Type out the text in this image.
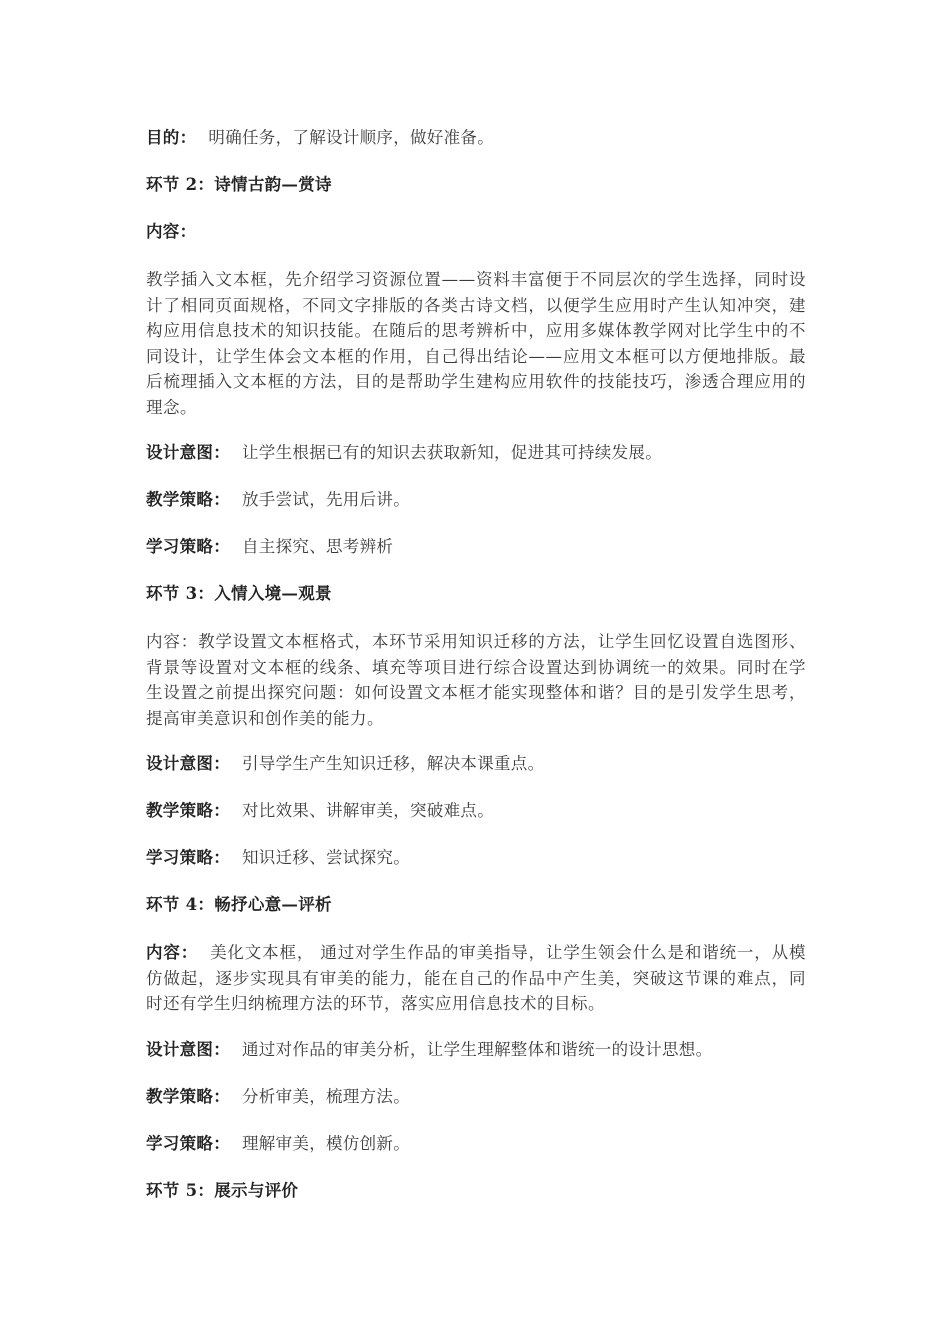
目的： 明确任务，了解设计顺序，做好准备。

环节 2：诗情古韵—赏诗

内容：

教学插入文本框，先介绍学习资源位置——资料丰富便于不同层次的学生选择，同时设计了相同页面规格，不同文字排版的各类古诗文档，以便学生应用时产生认知冲突，建构应用信息技术的知识技能。在随后的思考辨析中，应用多媒体教学网对比学生中的不同设计，让学生体会文本框的作用，自己得出结论——应用文本框可以方便地排版。最后梳理插入文本框的方法，目的是帮助学生建构应用软件的技能技巧，渗透合理应用的理念。

设计意图： 让学生根据已有的知识去获取新知，促进其可持续发展。

教学策略： 放手尝试，先用后讲。

学习策略： 自主探究、思考辨析

环节 3：入情入境—观景

内容：教学设置文本框格式，本环节采用知识迁移的方法，让学生回忆设置自选图形、背景等设置对文本框的线条、填充等项目进行综合设置达到协调统一的效果。同时在学生设置之前提出探究问题：如何设置文本框才能实现整体和谐？目的是引发学生思考，提高审美意识和创作美的能力。

设计意图： 引导学生产生知识迁移，解决本课重点。

教学策略： 对比效果、讲解审美，突破难点。

学习策略： 知识迁移、尝试探究。

环节 4：畅抒心意—评析

内容： 美化文本框， 通过对学生作品的审美指导，让学生领会什么是和谐统一，从模仿做起，逐步实现具有审美的能力，能在自己的作品中产生美，突破这节课的难点，同时还有学生归纳梳理方法的环节，落实应用信息技术的目标。

设计意图： 通过对作品的审美分析，让学生理解整体和谐统一的设计思想。

教学策略： 分析审美，梳理方法。

学习策略： 理解审美，模仿创新。

环节 5：展示与评价
